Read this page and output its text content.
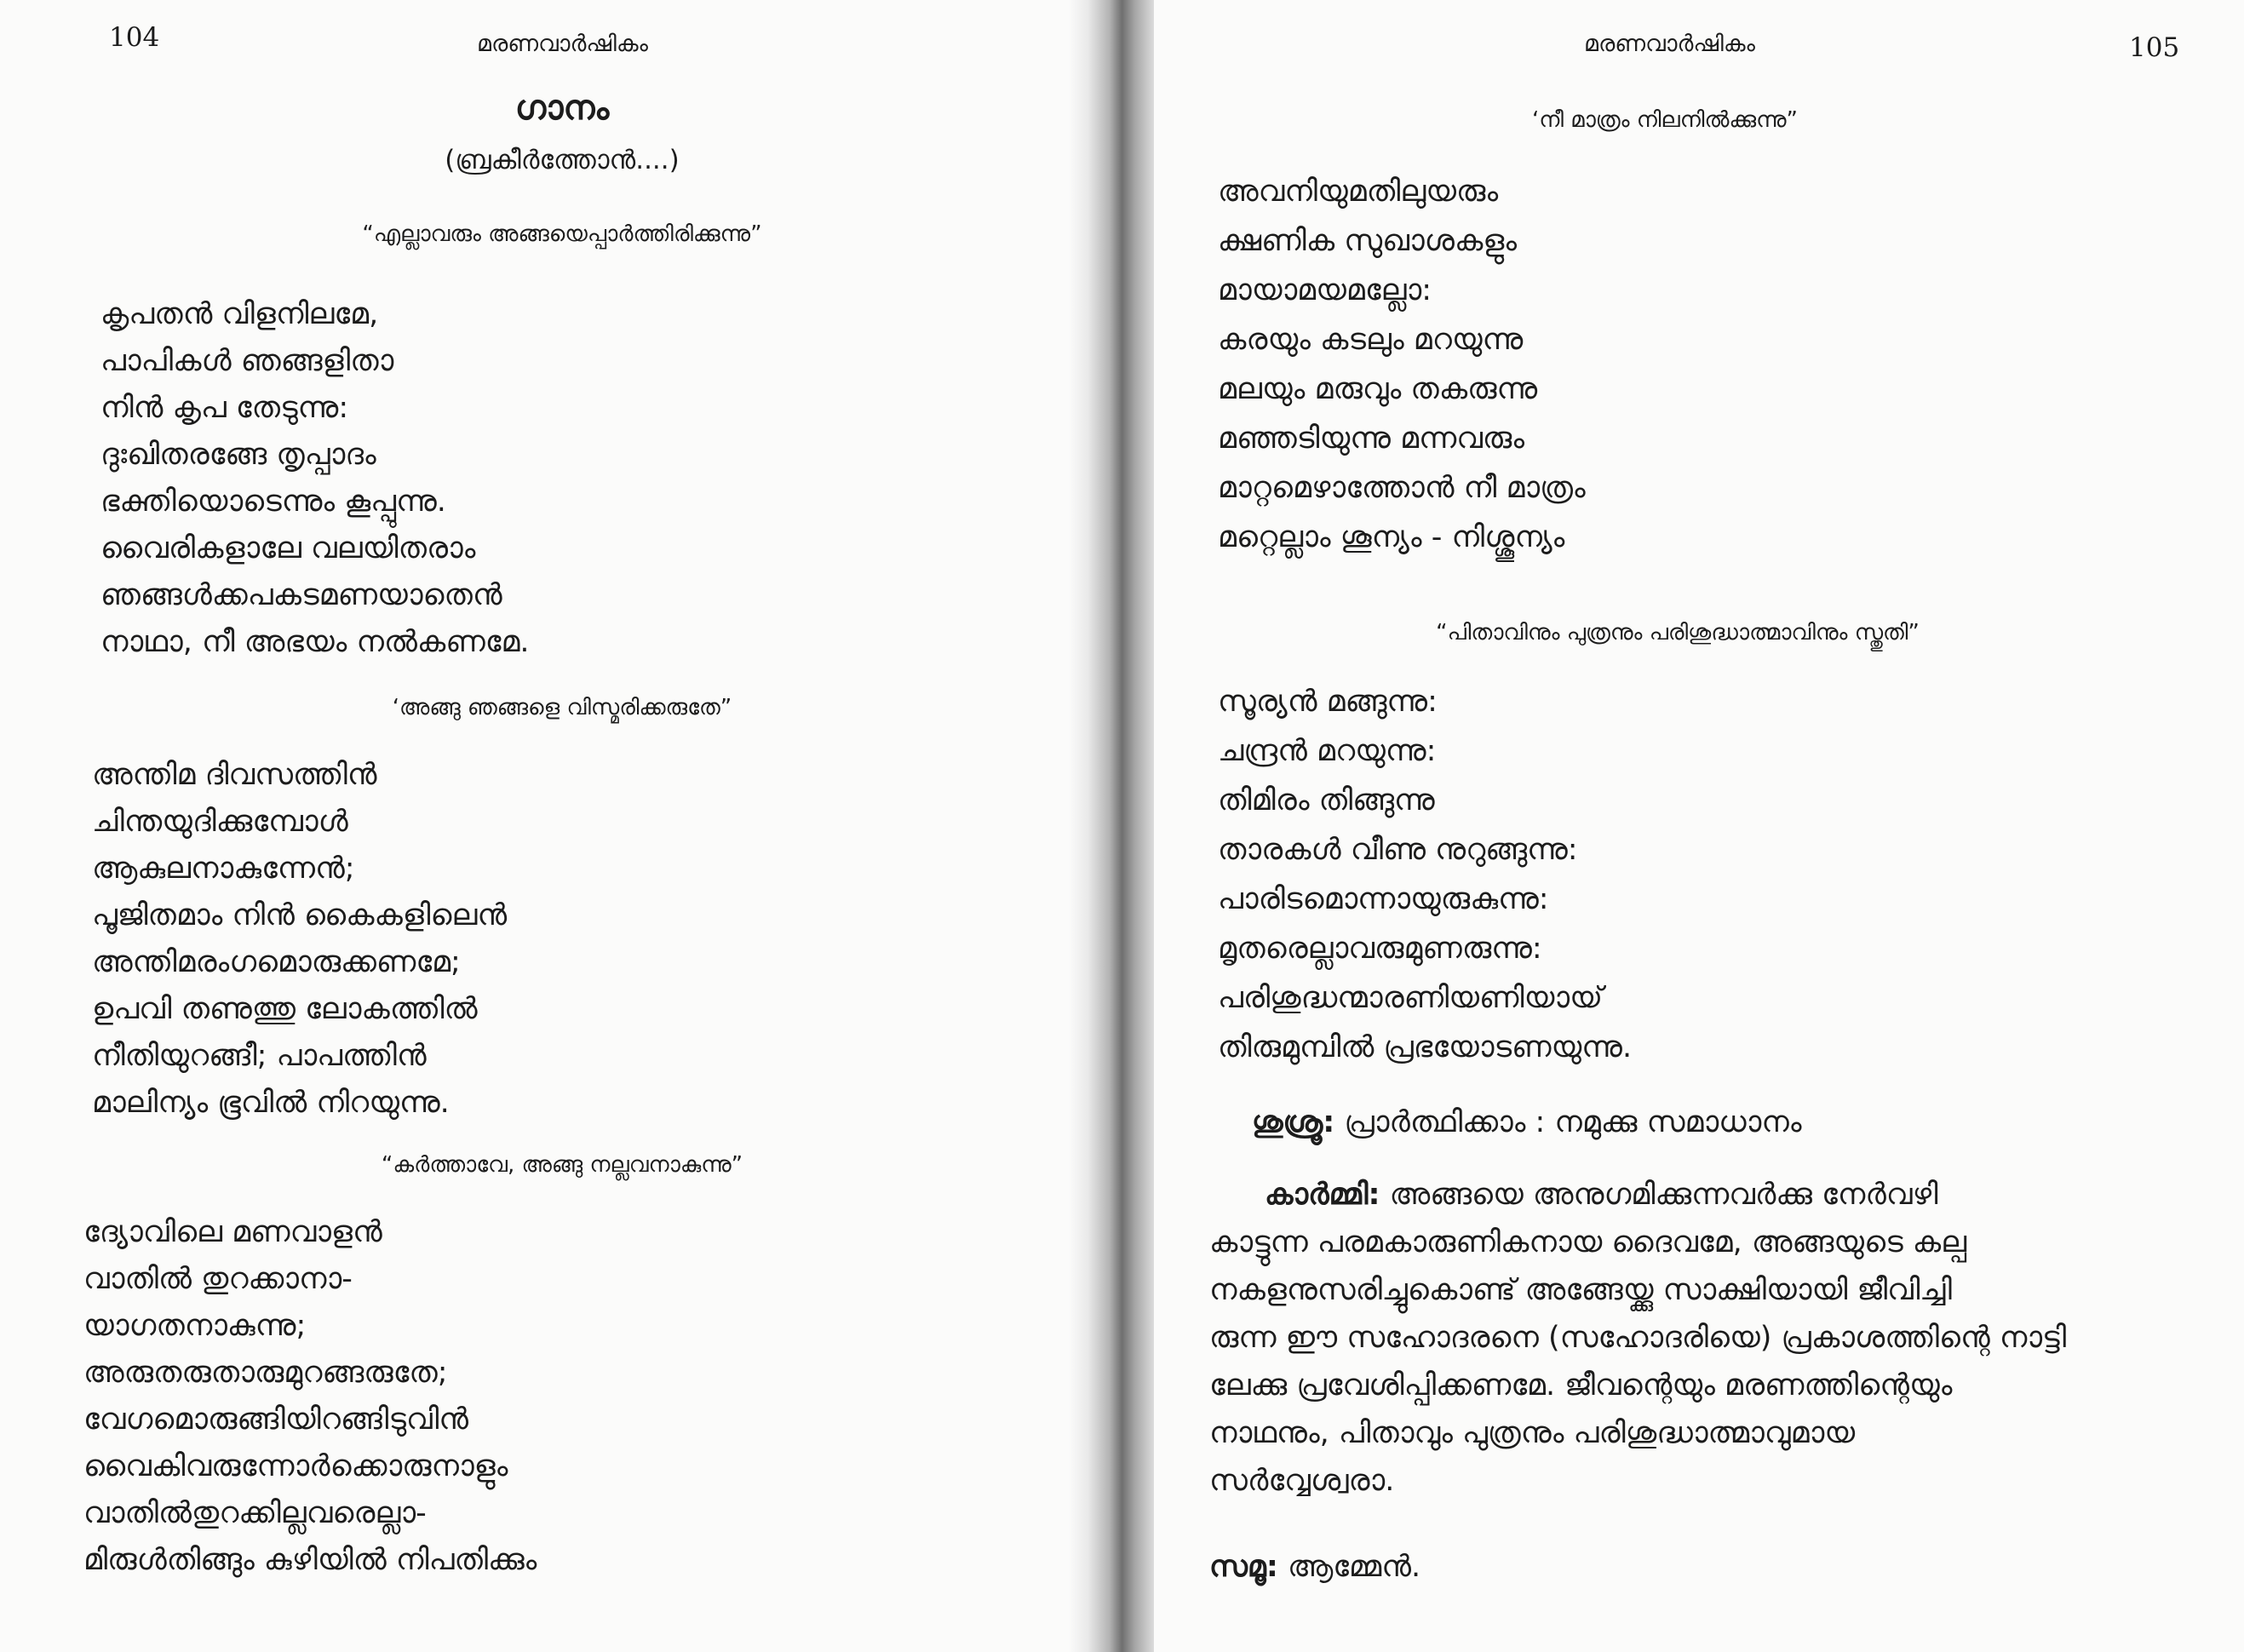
104	മരണവാർഷികം
ഗാനം
(ബ്രകീർത്തോൻ....)
“എല്ലാവരും അങ്ങയെപ്പാർത്തിരിക്കുന്നു”
കൃപതൻ വിളനിലമേ,
പാപികൾ ഞങ്ങളിതാ
നിൻ കൃപ തേടുന്നു:
ദുഃഖിതരങ്ങേ തൃപ്പാദം
ഭക്തിയൊടെന്നും കൂപ്പുന്നു.
വൈരികളാലേ വലയിതരാം
ഞങ്ങൾക്കപകടമണയാതെൻ
നാഥാ, നീ അഭയം നൽകണമേ.
‘അങ്ങു ഞങ്ങളെ വിസ്മരിക്കരുതേ”
അന്തിമ ദിവസത്തിൻ
ചിന്തയുദിക്കുമ്പോൾ
ആകുലനാകുന്നേൻ;
പൂജിതമാം നിൻ കൈകളിലെൻ
അന്തിമരംഗമൊരുക്കണമേ;
ഉപവി തണുത്തു ലോകത്തിൽ
നീതിയുറങ്ങീ; പാപത്തിൻ
മാലിന്യം ഭൂവിൽ നിറയുന്നു.
“കർത്താവേ, അങ്ങു നല്ലവനാകുന്നു”
ദ്യോവിലെ മണവാളൻ
വാതിൽ തുറക്കാനാ-
യാഗതനാകുന്നു;
അരുതരുതാരുമുറങ്ങരുതേ;
വേഗമൊരുങ്ങിയിറങ്ങിടുവിൻ
വൈകിവരുന്നോർക്കൊരുനാളും
വാതിൽതുറക്കില്ലവരെല്ലാ-
മിരുൾതിങ്ങും കുഴിയിൽ നിപതിക്കും
മരണവാർഷികം	105
‘നീ മാത്രം നിലനിൽക്കുന്നു”
അവനിയുമതിലുയരും
ക്ഷണിക സുഖാശകളും
മായാമയമല്ലോ:
കരയും കടലും മറയുന്നു
മലയും മരുവും തകരുന്നു
മഞ്ഞടിയുന്നു മന്നവരും
മാറ്റമെഴാത്തോൻ നീ മാത്രം
മറ്റെല്ലാം ശൂന്യം - നിശ്ശൂന്യം
“പിതാവിനും പുത്രനും പരിശുദ്ധാത്മാവിനും സ്തുതി”
സൂര്യൻ മങ്ങുന്നു:
ചന്ദ്രൻ മറയുന്നു:
തിമിരം തിങ്ങുന്നു
താരകൾ വീണു നുറുങ്ങുന്നു:
പാരിടമൊന്നായുരുകുന്നു:
മൃതരെല്ലാവരുമുണരുന്നു:
പരിശുദ്ധന്മാരണിയണിയായ്
തിരുമുമ്പിൽ പ്രഭയോടണയുന്നു.
ശുശ്രൂ: പ്രാർത്ഥിക്കാം : നമുക്കു സമാധാനം
കാർമ്മി: അങ്ങയെ അനുഗമിക്കുന്നവർക്കു നേർവഴി
കാട്ടുന്ന പരമകാരുണികനായ ദൈവമേ, അങ്ങയുടെ കല്പ
നകളനുസരിച്ചുകൊണ്ട് അങ്ങേയ്ക്കു സാക്ഷിയായി ജീവിച്ചി
രുന്ന ഈ സഹോദരനെ (സഹോദരിയെ) പ്രകാശത്തിന്റെ നാട്ടി
ലേക്കു പ്രവേശിപ്പിക്കണമേ. ജീവന്റെയും മരണത്തിന്റെയും
നാഥനും, പിതാവും പുത്രനും പരിശുദ്ധാത്മാവുമായ
സർവ്വേശ്വരാ.
സമൂ: ആമ്മേൻ.
